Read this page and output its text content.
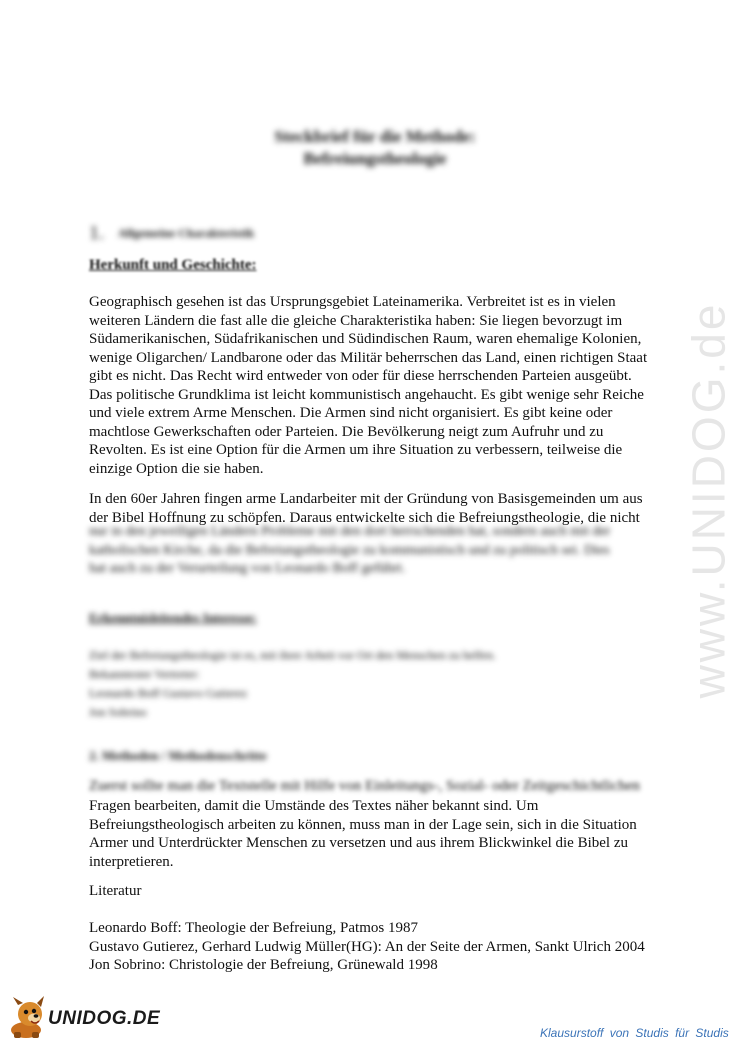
Steckbrief für die Methode:
Befreiungstheologie
1. Allgemeine Charakteristik
Herkunft und Geschichte:
Geographisch gesehen ist das Ursprungsgebiet Lateinamerika. Verbreitet ist es in vielen
weiteren Ländern die fast alle die gleiche Charakteristika haben: Sie liegen bevorzugt im
Südamerikanischen, Südafrikanischen und Südindischen Raum, waren ehemalige Kolonien,
wenige Oligarchen/ Landbarone oder das Militär beherrschen das Land, einen richtigen Staat
gibt es nicht. Das Recht wird entweder von oder für diese herrschenden Parteien ausgeübt.
Das politische Grundklima ist leicht kommunistisch angehaucht. Es gibt wenige sehr Reiche
und viele extrem Arme Menschen. Die Armen sind nicht organisiert. Es gibt keine oder
machtlose Gewerkschaften oder Parteien. Die Bevölkerung neigt zum Aufruhr und zu
Revolten. Es ist eine Option für die Armen um ihre Situation zu verbessern, teilweise die
einzige Option die sie haben.
In den 60er Jahren fingen arme Landarbeiter mit der Gründung von Basisgemeinden um aus
der Bibel Hoffnung zu schöpfen. Daraus entwickelte sich die Befreiungstheologie, die nicht
nur in den jeweiligen Ländern Probleme mit den dort herrschenden hat, sondern auch mit der
katholischen Kirche, da die Befreiungstheologie zu kommunistisch und zu politisch sei. Dies
hat auch zu der Verurteilung von Leonardo Boff geführt.
Erkenntnisleitendes Interesse:
Ziel der Befreiungstheologie ist es, mit ihrer Arbeit vor Ort den Menschen zu helfen.
Bekanntester Vertreter:
Leonardo Boff Gustavo Gutierez
Jon Sobrino
2. Methoden / Methodenschritte
Zuerst sollte man die Textstelle mit Hilfe von Einleitungs-, Sozial- oder Zeitgeschichtlichen
Fragen bearbeiten, damit die Umstände des Textes näher bekannt sind. Um
Befreiungstheologisch arbeiten zu können, muss man in der Lage sein, sich in die Situation
Armer und Unterdrückter Menschen zu versetzen und aus ihrem Blickwinkel die Bibel zu
interpretieren.
Literatur
Leonardo Boff: Theologie der Befreiung, Patmos 1987
Gustavo Gutierez, Gerhard Ludwig Müller(HG): An der Seite der Armen, Sankt Ulrich 2004
Jon Sobrino: Christologie der Befreiung, Grünewald 1998
www.UNIDOG.de
UNIDOG.DE
Klausurstoff von Studis für Studis
